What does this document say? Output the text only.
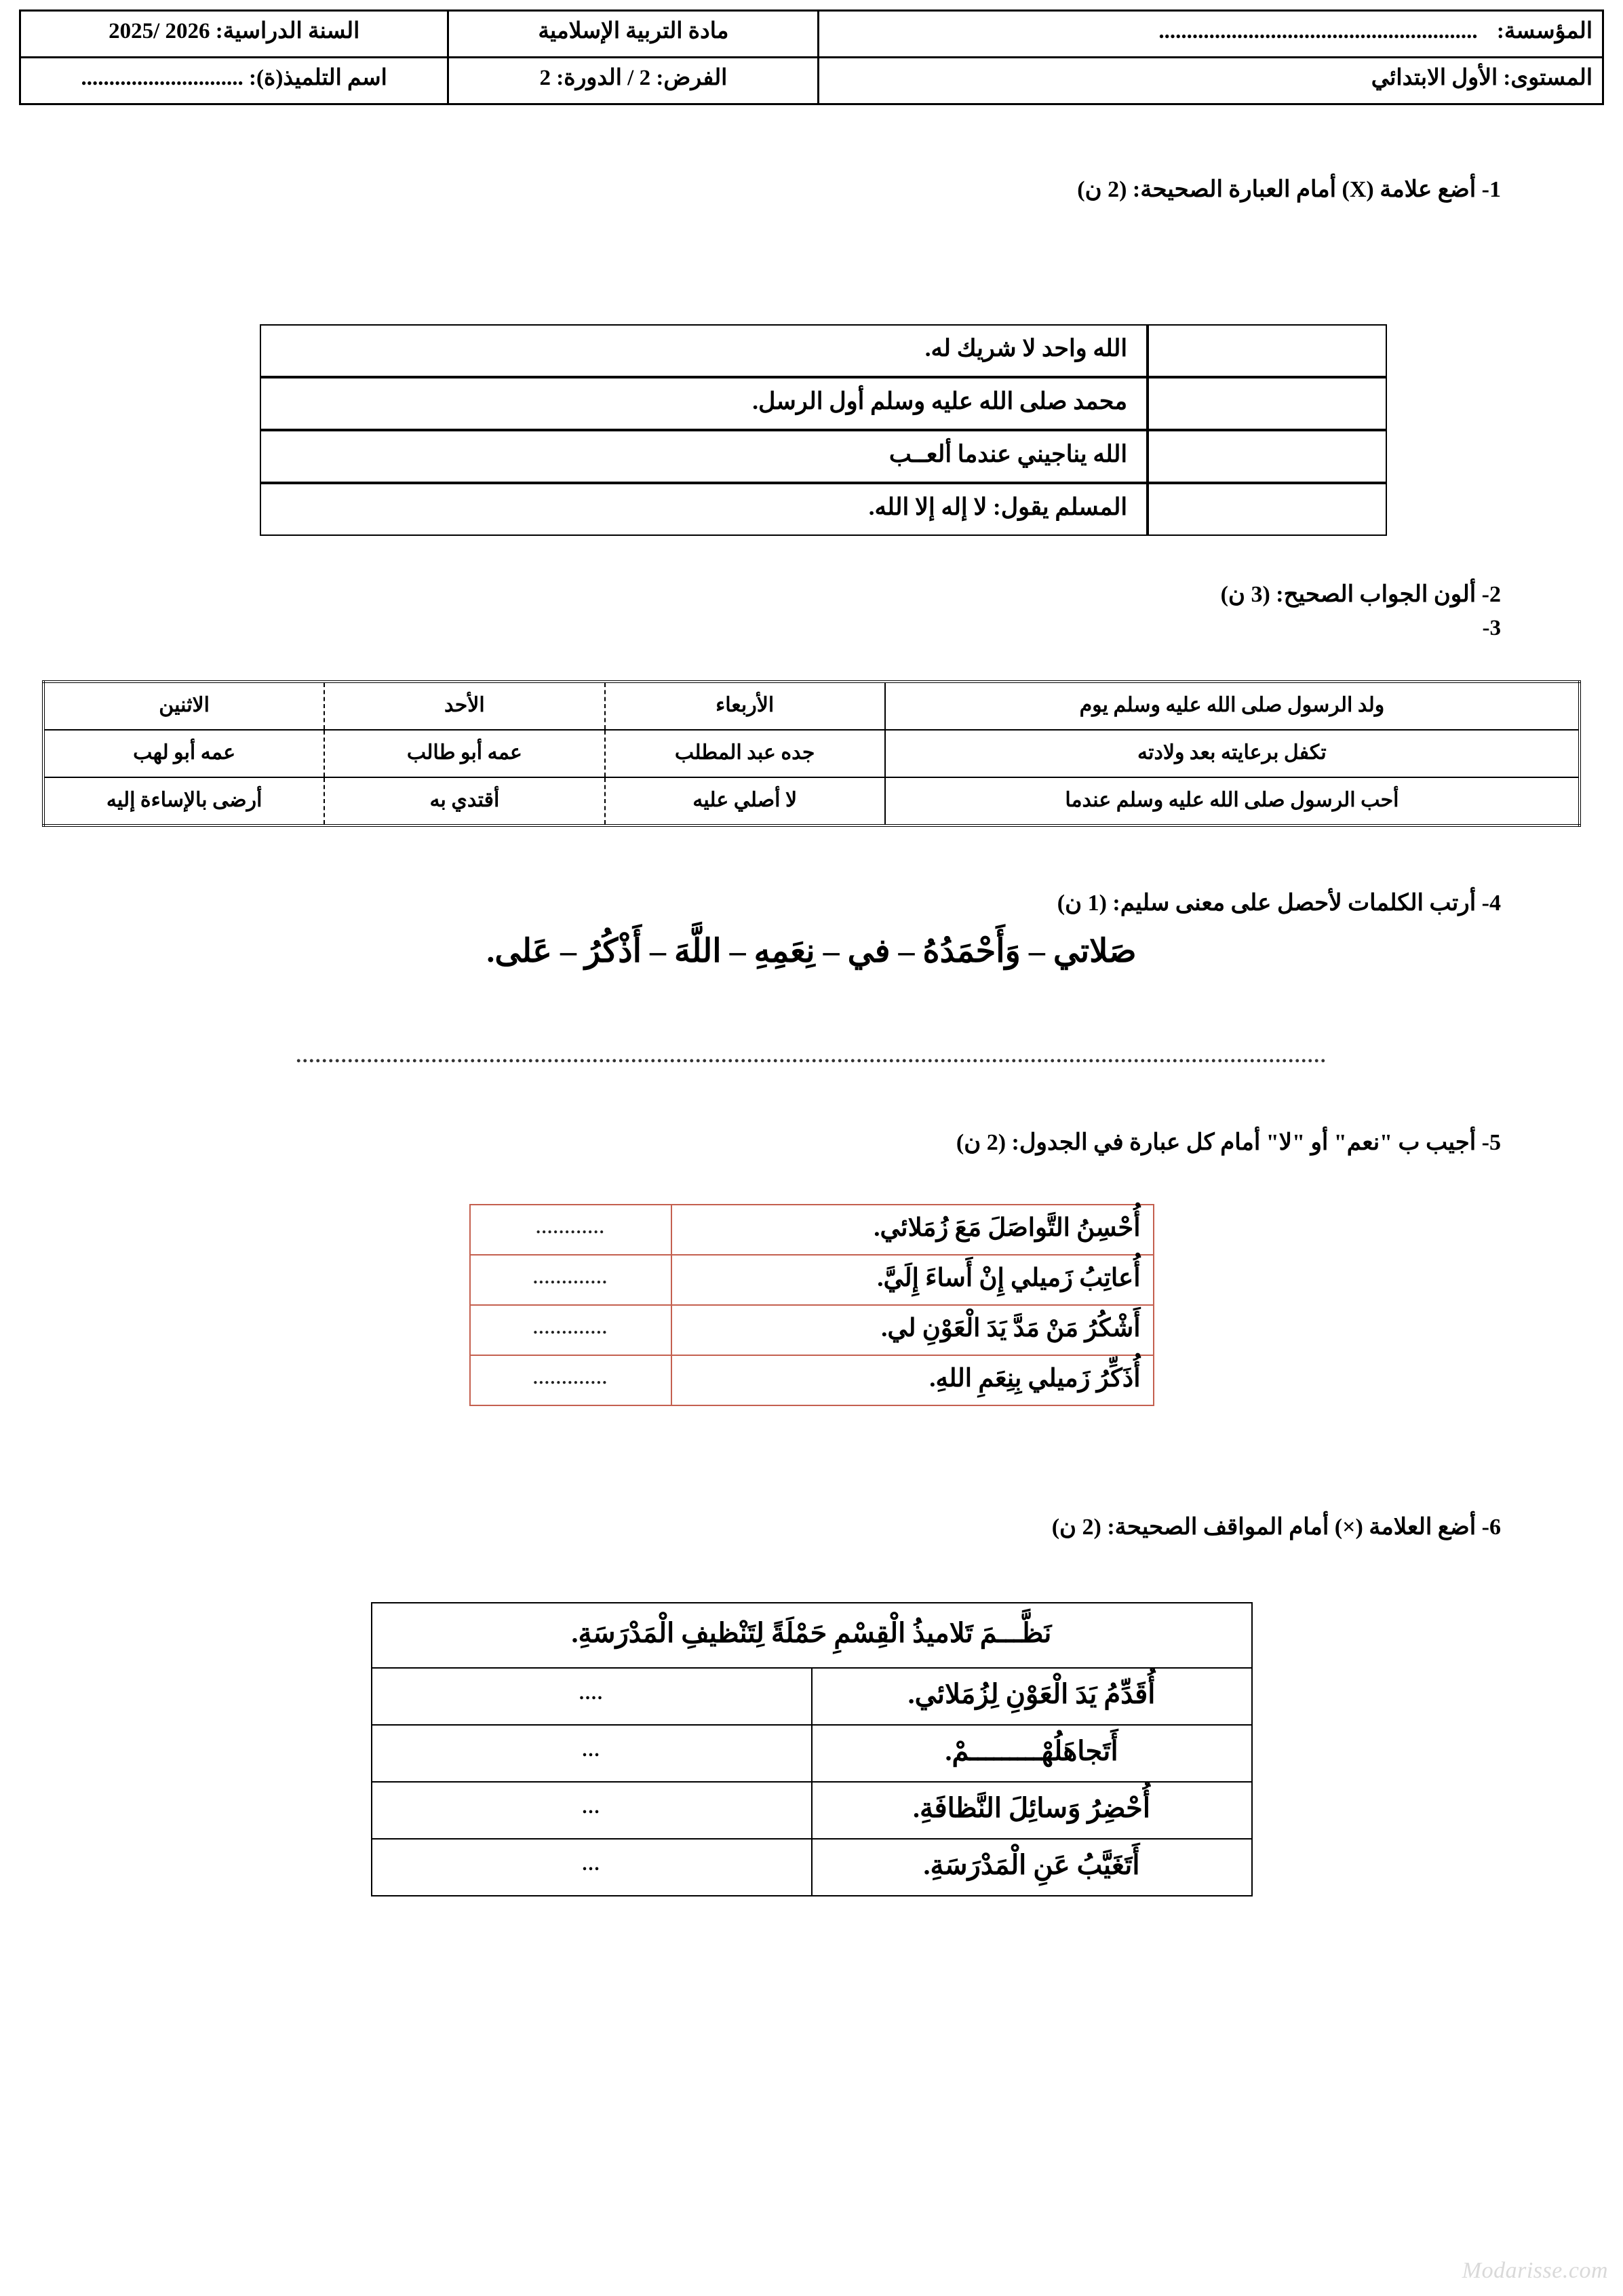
المؤسسة: .........................................................	مادة التربية الإسلامية	السنة الدراسية: 2026 /2025
المستوى: الأول الابتدائي	الفرض: 2 / الدورة: 2	اسم التلميذ(ة): .............................
1- أضع علامة (X) أمام العبارة الصحيحة: (2 ن)
	الله واحد لا شريك له.
	محمد صلى الله عليه وسلم أول الرسل.
	الله يناجيني عندما ألعــب
	المسلم يقول: لا إله إلا الله.
2- ألون الجواب الصحيح: (3 ن)
3-
ولد الرسول صلى الله عليه وسلم يوم	الأربعاء	الأحد	الاثنين
تكفل برعايته بعد ولادته	جده عبد المطلب	عمه أبو طالب	عمه أبو لهب
أحب الرسول صلى الله عليه وسلم عندما	لا أصلي عليه	أقتدي به	أرضى بالإساءة إليه
4- أرتب الكلمات لأحصل على معنى سليم: (1 ن)
صَلاتي – وَأَحْمَدُهُ – في – نِعَمِهِ – اللَّهَ – أَذْكُرُ – عَلى.
................................................................................................................................................................
5- أجيب ب "نعم" أو "لا" أمام كل عبارة في الجدول: (2 ن)
أُحْسِنُ التَّواصَلَ مَعَ زُمَلائي.	............
أُعاتِبُ زَميلي إِنْ أَساءَ إِلَيَّ.	.............
أَشْكُرُ مَنْ مَدَّ يَدَ الْعَوْنِ لي.	.............
أُذَكِّرُ زَميلي بِنِعَمِ اللهِ.	.............
6- أضع العلامة (×) أمام المواقف الصحيحة: (2 ن)
نَظَّـــمَ تَلاميذُ الْقِسْمِ حَمْلَةً لِتَنْظيفِ الْمَدْرَسَةِ.	
أُقَدِّمُ يَدَ الْعَوْنِ لِزُمَلائي.	....
أَتَجاهَلُهْـــــــــمْ.	...
أُحْضِرُ وَسائِلَ النَّظافَةِ.	...
أَتَغَيَّبُ عَنِ الْمَدْرَسَةِ.	...
Modarisse.com
